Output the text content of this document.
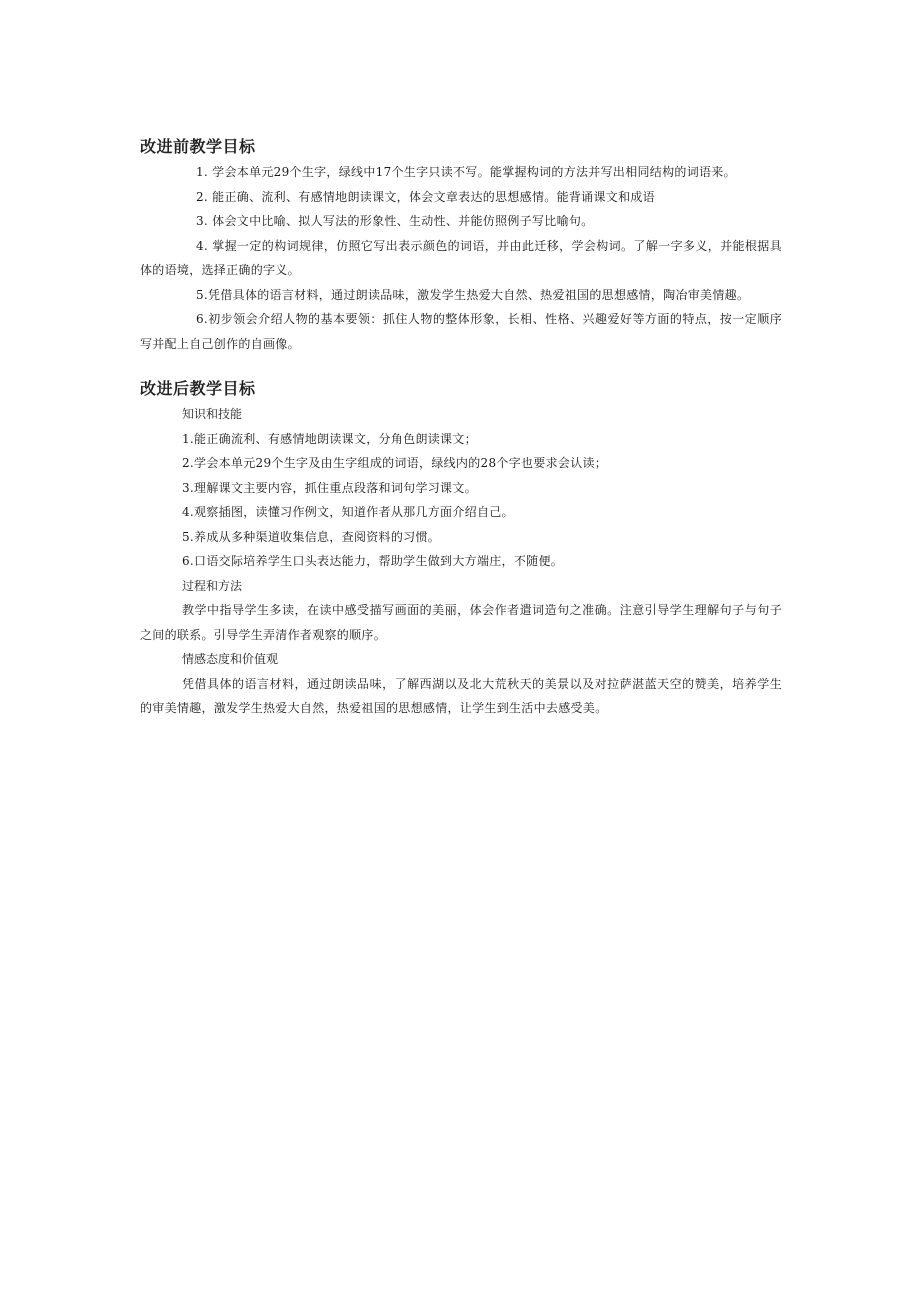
改进前教学目标

1. 学会本单元29个生字，绿线中17个生字只读不写。能掌握构词的方法并写出相同结构的词语来。

2. 能正确、流利、有感情地朗读课文，体会文章表达的思想感情。能背诵课文和成语

3. 体会文中比喻、拟人写法的形象性、生动性、并能仿照例子写比喻句。

4. 掌握一定的构词规律，仿照它写出表示颜色的词语，并由此迁移，学会构词。了解一字多义，并能根据具体的语境，选择正确的字义。

5.凭借具体的语言材料，通过朗读品味，激发学生热爱大自然、热爱祖国的思想感情，陶冶审美情趣。

6.初步领会介绍人物的基本要领：抓住人物的整体形象，长相、性格、兴趣爱好等方面的特点，按一定顺序写并配上自己创作的自画像。

改进后教学目标

知识和技能

1.能正确流利、有感情地朗读课文，分角色朗读课文；

2.学会本单元29个生字及由生字组成的词语，绿线内的28个字也要求会认读；

3.理解课文主要内容，抓住重点段落和词句学习课文。

4.观察插图，读懂习作例文，知道作者从那几方面介绍自己。

5.养成从多种渠道收集信息，查阅资料的习惯。

6.口语交际培养学生口头表达能力，帮助学生做到大方端庄，不随便。

过程和方法

教学中指导学生多读，在读中感受描写画面的美丽，体会作者遣词造句之准确。注意引导学生理解句子与句子之间的联系。引导学生弄清作者观察的顺序。

情感态度和价值观

凭借具体的语言材料，通过朗读品味，了解西湖以及北大荒秋天的美景以及对拉萨湛蓝天空的赞美，培养学生的审美情趣，激发学生热爱大自然，热爱祖国的思想感情，让学生到生活中去感受美。
